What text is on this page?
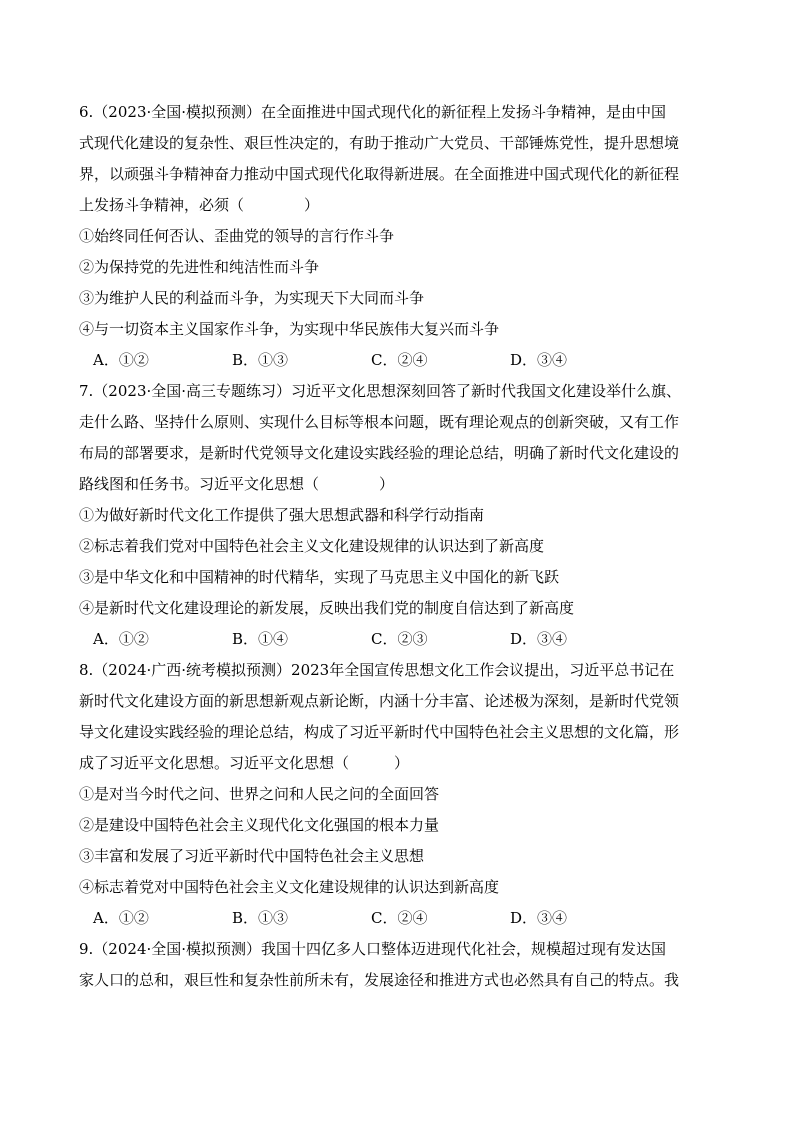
6.（2023·全国·模拟预测）在全面推进中国式现代化的新征程上发扬斗争精神，是由中国
式现代化建设的复杂性、艰巨性决定的，有助于推动广大党员、干部锤炼党性，提升思想境
界，以顽强斗争精神奋力推动中国式现代化取得新进展。在全面推进中国式现代化的新征程
上发扬斗争精神，必须（　　　　）
①始终同任何否认、歪曲党的领导的言行作斗争
②为保持党的先进性和纯洁性而斗争
③为维护人民的利益而斗争，为实现天下大同而斗争
④与一切资本主义国家作斗争，为实现中华民族伟大复兴而斗争
A．①②	B．①③	C．②④	D．③④
7.（2023·全国·高三专题练习）习近平文化思想深刻回答了新时代我国文化建设举什么旗、
走什么路、坚持什么原则、实现什么目标等根本问题，既有理论观点的创新突破，又有工作
布局的部署要求，是新时代党领导文化建设实践经验的理论总结，明确了新时代文化建设的
路线图和任务书。习近平文化思想（　　　　）
①为做好新时代文化工作提供了强大思想武器和科学行动指南
②标志着我们党对中国特色社会主义文化建设规律的认识达到了新高度
③是中华文化和中国精神的时代精华，实现了马克思主义中国化的新飞跃
④是新时代文化建设理论的新发展，反映出我们党的制度自信达到了新高度
A．①②	B．①④	C．②③	D．③④
8.（2024·广西·统考模拟预测）2023年全国宣传思想文化工作会议提出，习近平总书记在
新时代文化建设方面的新思想新观点新论断，内涵十分丰富、论述极为深刻，是新时代党领
导文化建设实践经验的理论总结，构成了习近平新时代中国特色社会主义思想的文化篇，形
成了习近平文化思想。习近平文化思想（　　　）
①是对当今时代之问、世界之问和人民之问的全面回答
②是建设中国特色社会主义现代化文化强国的根本力量
③丰富和发展了习近平新时代中国特色社会主义思想
④标志着党对中国特色社会主义文化建设规律的认识达到新高度
A．①②	B．①③	C．②④	D．③④
9.（2024·全国·模拟预测）我国十四亿多人口整体迈进现代化社会，规模超过现有发达国
家人口的总和，艰巨性和复杂性前所未有，发展途径和推进方式也必然具有自己的特点。我
